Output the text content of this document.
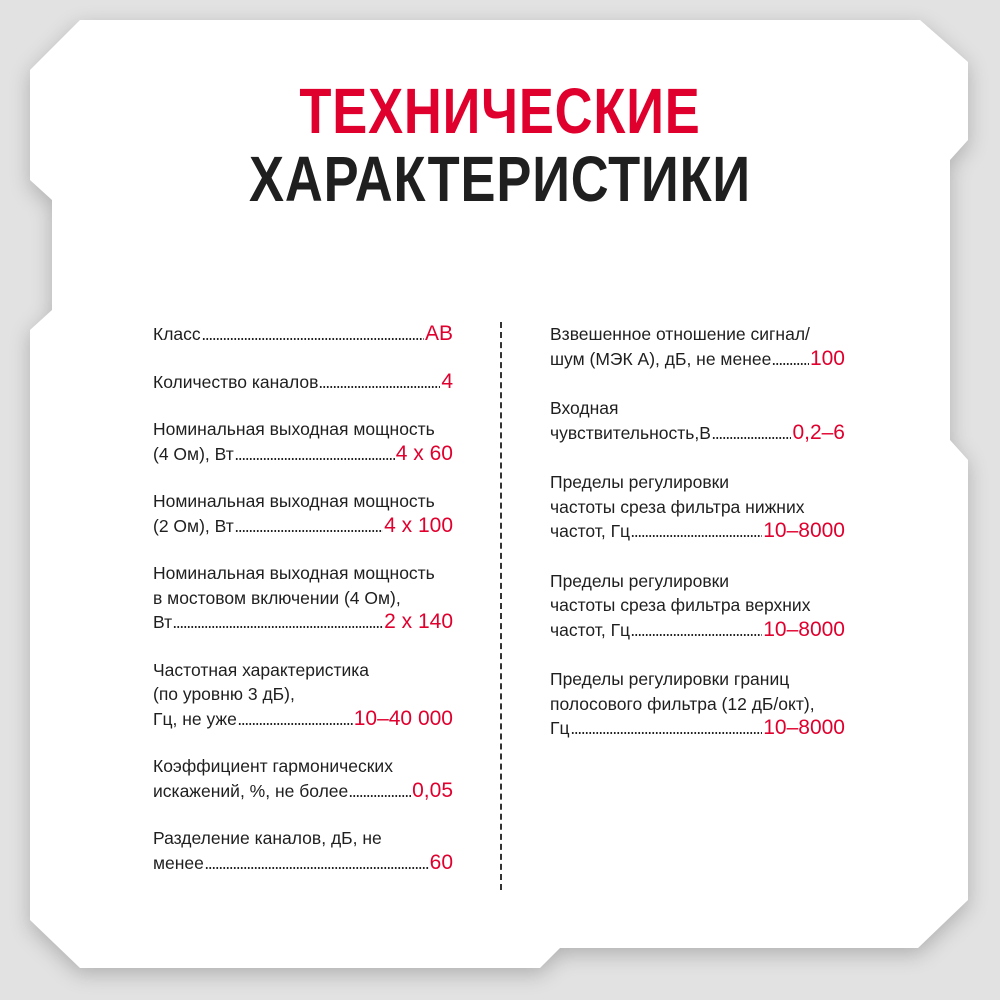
ТЕХНИЧЕСКИЕ
ХАРАКТЕРИСТИКИ
Класс	AB
Количество каналов	4
Номинальная выходная мощность
(4 Ом), Вт	4 x 60
Номинальная выходная мощность
(2 Ом), Вт	4 x 100
Номинальная выходная мощность
в мостовом включении (4 Ом),
Вт	2 x 140
Частотная характеристика
(по уровню 3 дБ),
Гц, не уже	10–40 000
Коэффициент гармонических
искажений, %, не более	0,05
Разделение каналов, дБ, не
менее	60
Взвешенное отношение сигнал/
шум (МЭК А), дБ, не менее 100
Входная
чувствительность,В	0,2–6
Пределы регулировки
частоты среза фильтра нижних
частот, Гц	10–8000
Пределы регулировки
частоты среза фильтра верхних
частот, Гц	10–8000
Пределы регулировки границ
полосового фильтра (12 дБ/окт),
Гц	10–8000
